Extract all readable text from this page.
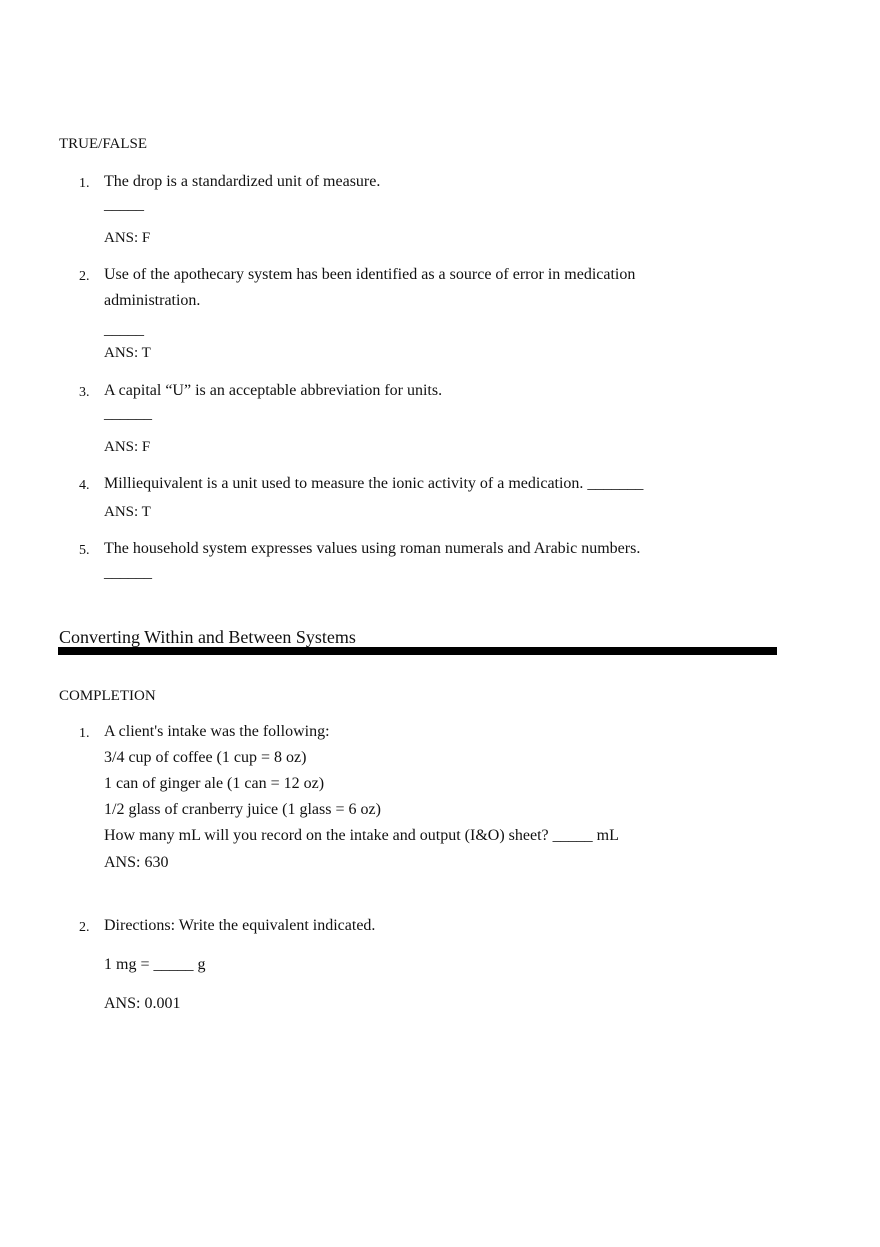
TRUE/FALSE
1. The drop is a standardized unit of measure.
_____
ANS: F
2. Use of the apothecary system has been identified as a source of error in medication
administration.
_____
ANS: T
3. A capital “U” is an acceptable abbreviation for units.
______
ANS: F
4. Milliequivalent is a unit used to measure the ionic activity of a medication. _______
ANS: T
5. The household system expresses values using roman numerals and Arabic numbers.
______
Converting Within and Between Systems
COMPLETION
1. A client's intake was the following:
3/4 cup of coffee (1 cup = 8 oz)
1 can of ginger ale (1 can = 12 oz)
1/2 glass of cranberry juice (1 glass = 6 oz)
How many mL will you record on the intake and output (I&O) sheet? _____ mL
ANS: 630
2. Directions: Write the equivalent indicated.
1 mg = _____ g
ANS: 0.001
